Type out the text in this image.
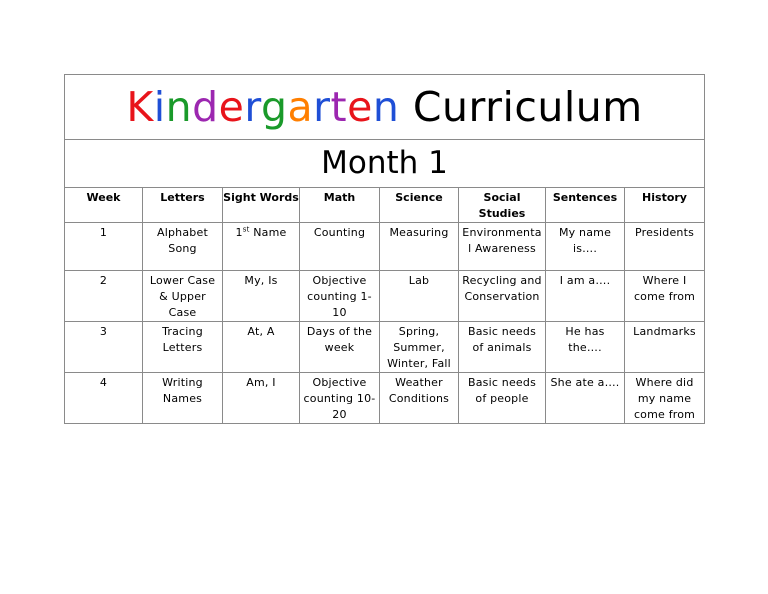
Kindergarten Curriculum							
Month 1							
Week	Letters	Sight Words	Math	Science	Social Studies	Sentences	History
1	Alphabet Song	1st Name	Counting	Measuring	Environmental Awareness	My name is….	Presidents
2	Lower Case & Upper Case	My, Is	Objective counting 1-10	Lab	Recycling and Conservation	I am a….	Where I come from
3	Tracing Letters	At, A	Days of the week	Spring, Summer, Winter, Fall	Basic needs of animals	He has the….	Landmarks
4	Writing Names	Am, I	Objective counting 10-20	Weather Conditions	Basic needs of people	She ate a….	Where did my name come from
